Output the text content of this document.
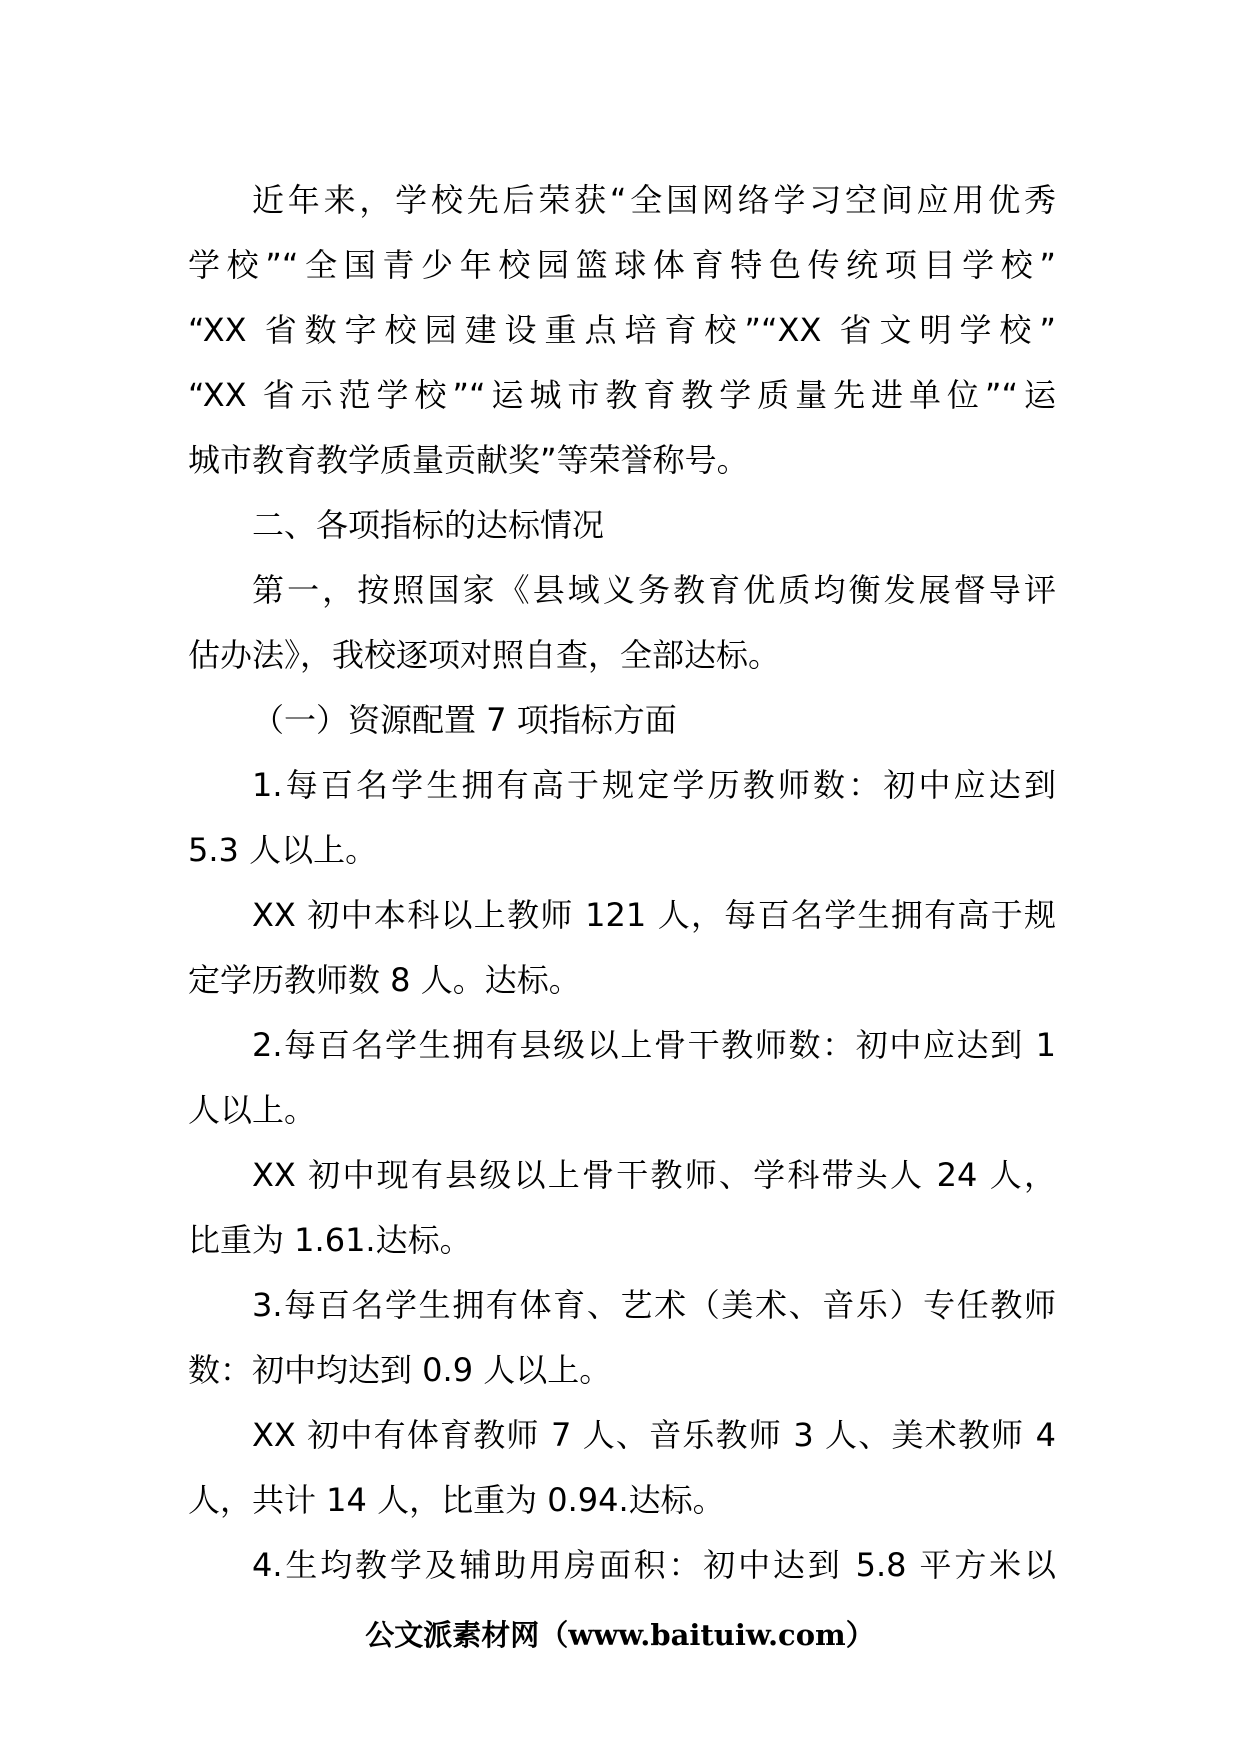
近年来，学校先后荣获“全国网络学习空间应用优秀
学校”“全国青少年校园篮球体育特色传统项目学校”
“XX 省数字校园建设重点培育校”“XX 省文明学校”
“XX 省示范学校”“运城市教育教学质量先进单位”“运
城市教育教学质量贡献奖”等荣誉称号。
二、各项指标的达标情况
第一，按照国家《县域义务教育优质均衡发展督导评
估办法》，我校逐项对照自查，全部达标。
（一）资源配置 7 项指标方面
1.每百名学生拥有高于规定学历教师数：初中应达到
5.3 人以上。
XX 初中本科以上教师 121 人，每百名学生拥有高于规
定学历教师数 8 人。达标。
2.每百名学生拥有县级以上骨干教师数：初中应达到 1
人以上。
XX 初中现有县级以上骨干教师、学科带头人 24 人，
比重为 1.61.达标。
3.每百名学生拥有体育、艺术（美术、音乐）专任教师
数：初中均达到 0.9 人以上。
XX 初中有体育教师 7 人、音乐教师 3 人、美术教师 4
人，共计 14 人，比重为 0.94.达标。
4.生均教学及辅助用房面积：初中达到 5.8 平方米以
公文派素材网（www.baituiw.com）
